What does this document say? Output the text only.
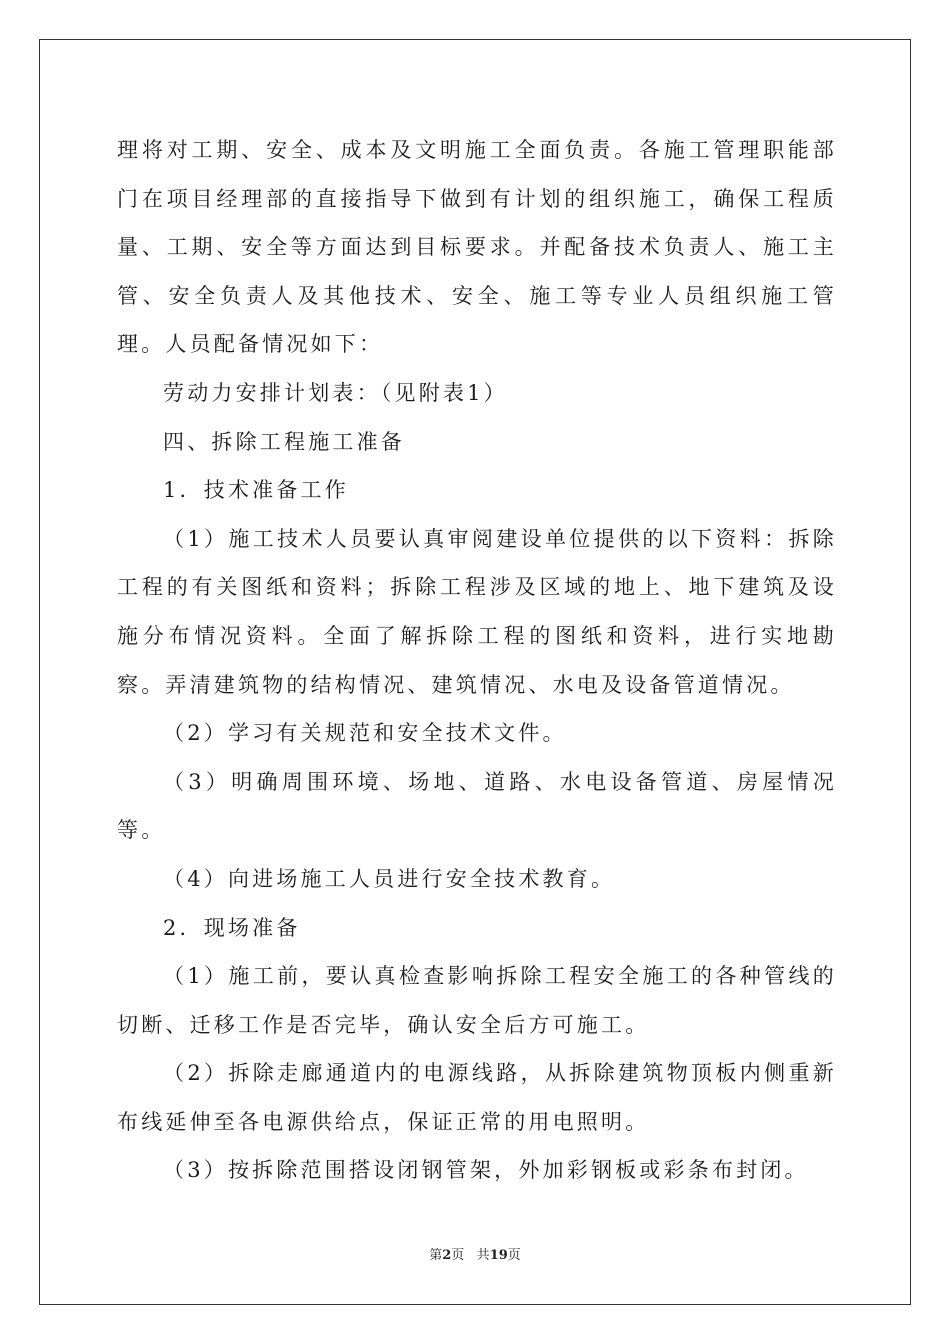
理将对工期、安全、成本及文明施工全面负责。各施工管理职能部门在项目经理部的直接指导下做到有计划的组织施工，确保工程质量、工期、安全等方面达到目标要求。并配备技术负责人、施工主管、安全负责人及其他技术、安全、施工等专业人员组织施工管理。人员配备情况如下：

劳动力安排计划表：（见附表1）

四、拆除工程施工准备

1．技术准备工作

（1）施工技术人员要认真审阅建设单位提供的以下资料：拆除工程的有关图纸和资料；拆除工程涉及区域的地上、地下建筑及设施分布情况资料。全面了解拆除工程的图纸和资料，进行实地勘察。弄清建筑物的结构情况、建筑情况、水电及设备管道情况。

（2）学习有关规范和安全技术文件。

（3）明确周围环境、场地、道路、水电设备管道、房屋情况等。

（4）向进场施工人员进行安全技术教育。

2．现场准备

（1）施工前，要认真检查影响拆除工程安全施工的各种管线的切断、迁移工作是否完毕，确认安全后方可施工。

（2）拆除走廊通道内的电源线路，从拆除建筑物顶板内侧重新布线延伸至各电源供给点，保证正常的用电照明。

（3）按拆除范围搭设闭钢管架，外加彩钢板或彩条布封闭。

第2页 共19页
